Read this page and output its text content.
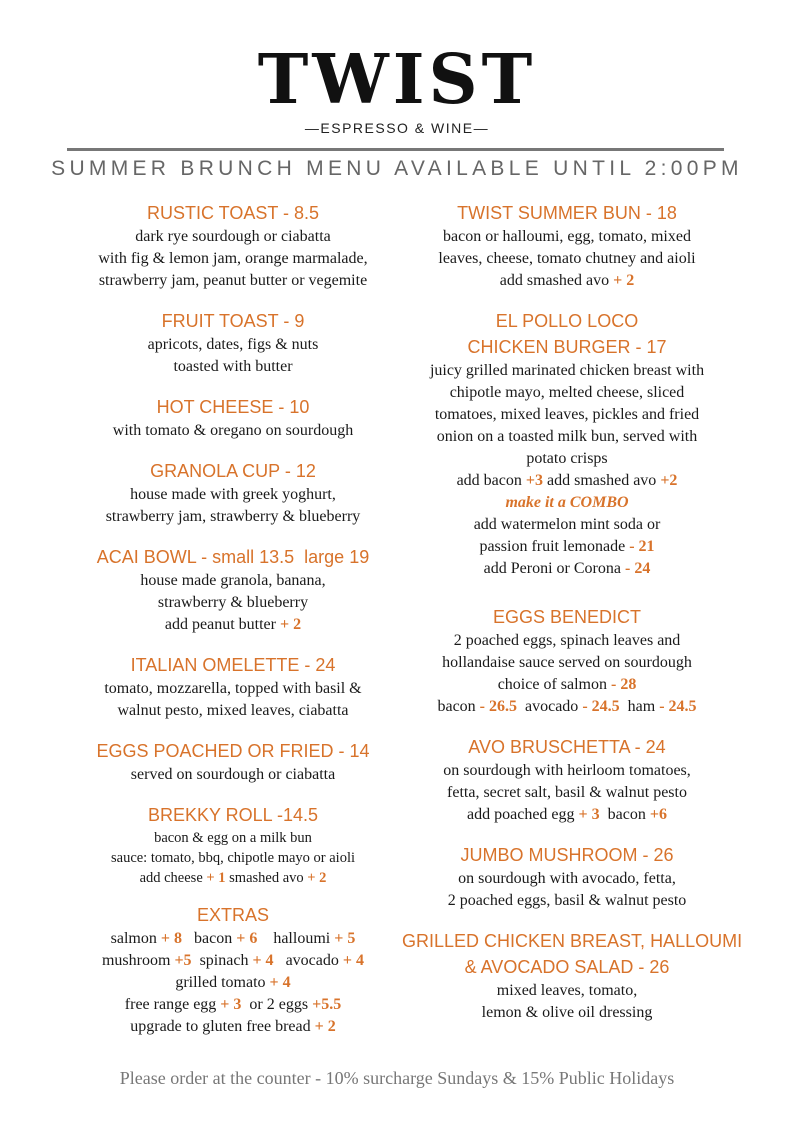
TWIST
—ESPRESSO & WINE—
SUMMER BRUNCH MENU AVAILABLE UNTIL 2:00PM
RUSTIC TOAST - 8.5
dark rye sourdough or ciabatta
with fig & lemon jam, orange marmalade,
strawberry jam, peanut butter or vegemite
FRUIT TOAST - 9
apricots, dates, figs & nuts
toasted with butter
HOT CHEESE - 10
with tomato & oregano on sourdough
GRANOLA CUP - 12
house made with greek yoghurt,
strawberry jam, strawberry & blueberry
ACAI BOWL - small 13.5  large 19
house made granola, banana,
strawberry & blueberry
add peanut butter + 2
ITALIAN OMELETTE - 24
tomato, mozzarella, topped with basil &
walnut pesto, mixed leaves, ciabatta
EGGS POACHED OR FRIED - 14
served on sourdough or ciabatta
BREKKY ROLL -14.5
bacon & egg on a milk bun
sauce: tomato, bbq, chipotle mayo or aioli
add cheese + 1 smashed avo + 2
EXTRAS
salmon + 8   bacon + 6    halloumi + 5
mushroom +5  spinach + 4   avocado + 4
grilled tomato + 4
free range egg + 3  or 2 eggs +5.5
upgrade to gluten free bread + 2
TWIST SUMMER BUN - 18
bacon or halloumi, egg, tomato, mixed
leaves, cheese, tomato chutney and aioli
add smashed avo + 2
EL POLLO LOCO
CHICKEN BURGER - 17
juicy grilled marinated chicken breast with
chipotle mayo, melted cheese, sliced
tomatoes, mixed leaves, pickles and fried
onion on a toasted milk bun, served with
potato crisps
add bacon +3 add smashed avo +2
make it a COMBO
add watermelon mint soda or
passion fruit lemonade - 21
add Peroni or Corona - 24
EGGS BENEDICT
2 poached eggs, spinach leaves and
hollandaise sauce served on sourdough
choice of salmon - 28
bacon - 26.5  avocado - 24.5  ham - 24.5
AVO BRUSCHETTA - 24
on sourdough with heirloom tomatoes,
fetta, secret salt, basil & walnut pesto
add poached egg + 3  bacon +6
JUMBO MUSHROOM - 26
on sourdough with avocado, fetta,
2 poached eggs, basil & walnut pesto
GRILLED CHICKEN BREAST, HALLOUMI
& AVOCADO SALAD - 26
mixed leaves, tomato,
lemon & olive oil dressing
Please order at the counter - 10% surcharge Sundays & 15% Public Holidays
